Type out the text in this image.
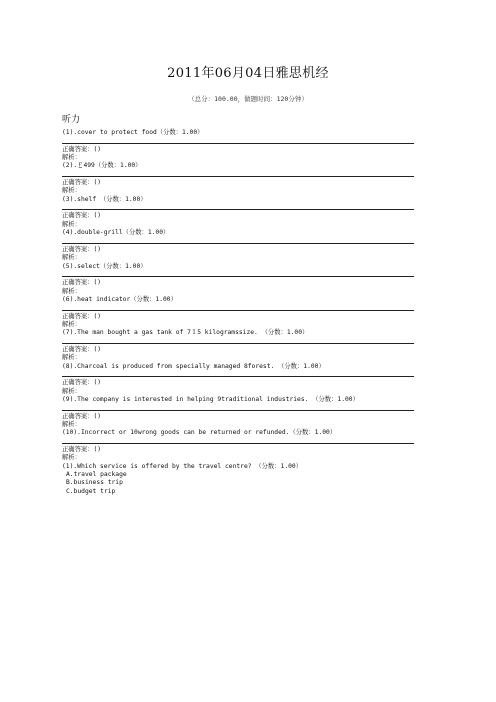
2011年06月04日雅思机经
（总分：100.00，做题时间：120分钟）
听力
(1).cover to protect food（分数：1.00）
正确答案：()
解析：
(2).￡499（分数：1.00）
正确答案：()
解析：
(3).shelf （分数：1.00）
正确答案：()
解析：
(4).double-grill（分数：1.00）
正确答案：()
解析：
(5).select（分数：1.00）
正确答案：()
解析：
(6).heat indicator（分数：1.00）
正确答案：()
解析：
(7).The man bought a gas tank of 7１5 kilogramssize. （分数：1.00）
正确答案：()
解析：
(8).Charcoal is produced from specially managed 8forest. （分数：1.00）
正确答案：()
解析：
(9).The company is interested in helping 9traditional industries. （分数：1.00）
正确答案：()
解析：
(10).Incorrect or 10wrong goods can be returned or refunded.（分数：1.00）
正确答案：()
解析：
(1).Which service is offered by the travel centre? （分数：1.00）
A.travel package
B.business trip
C.budget trip
